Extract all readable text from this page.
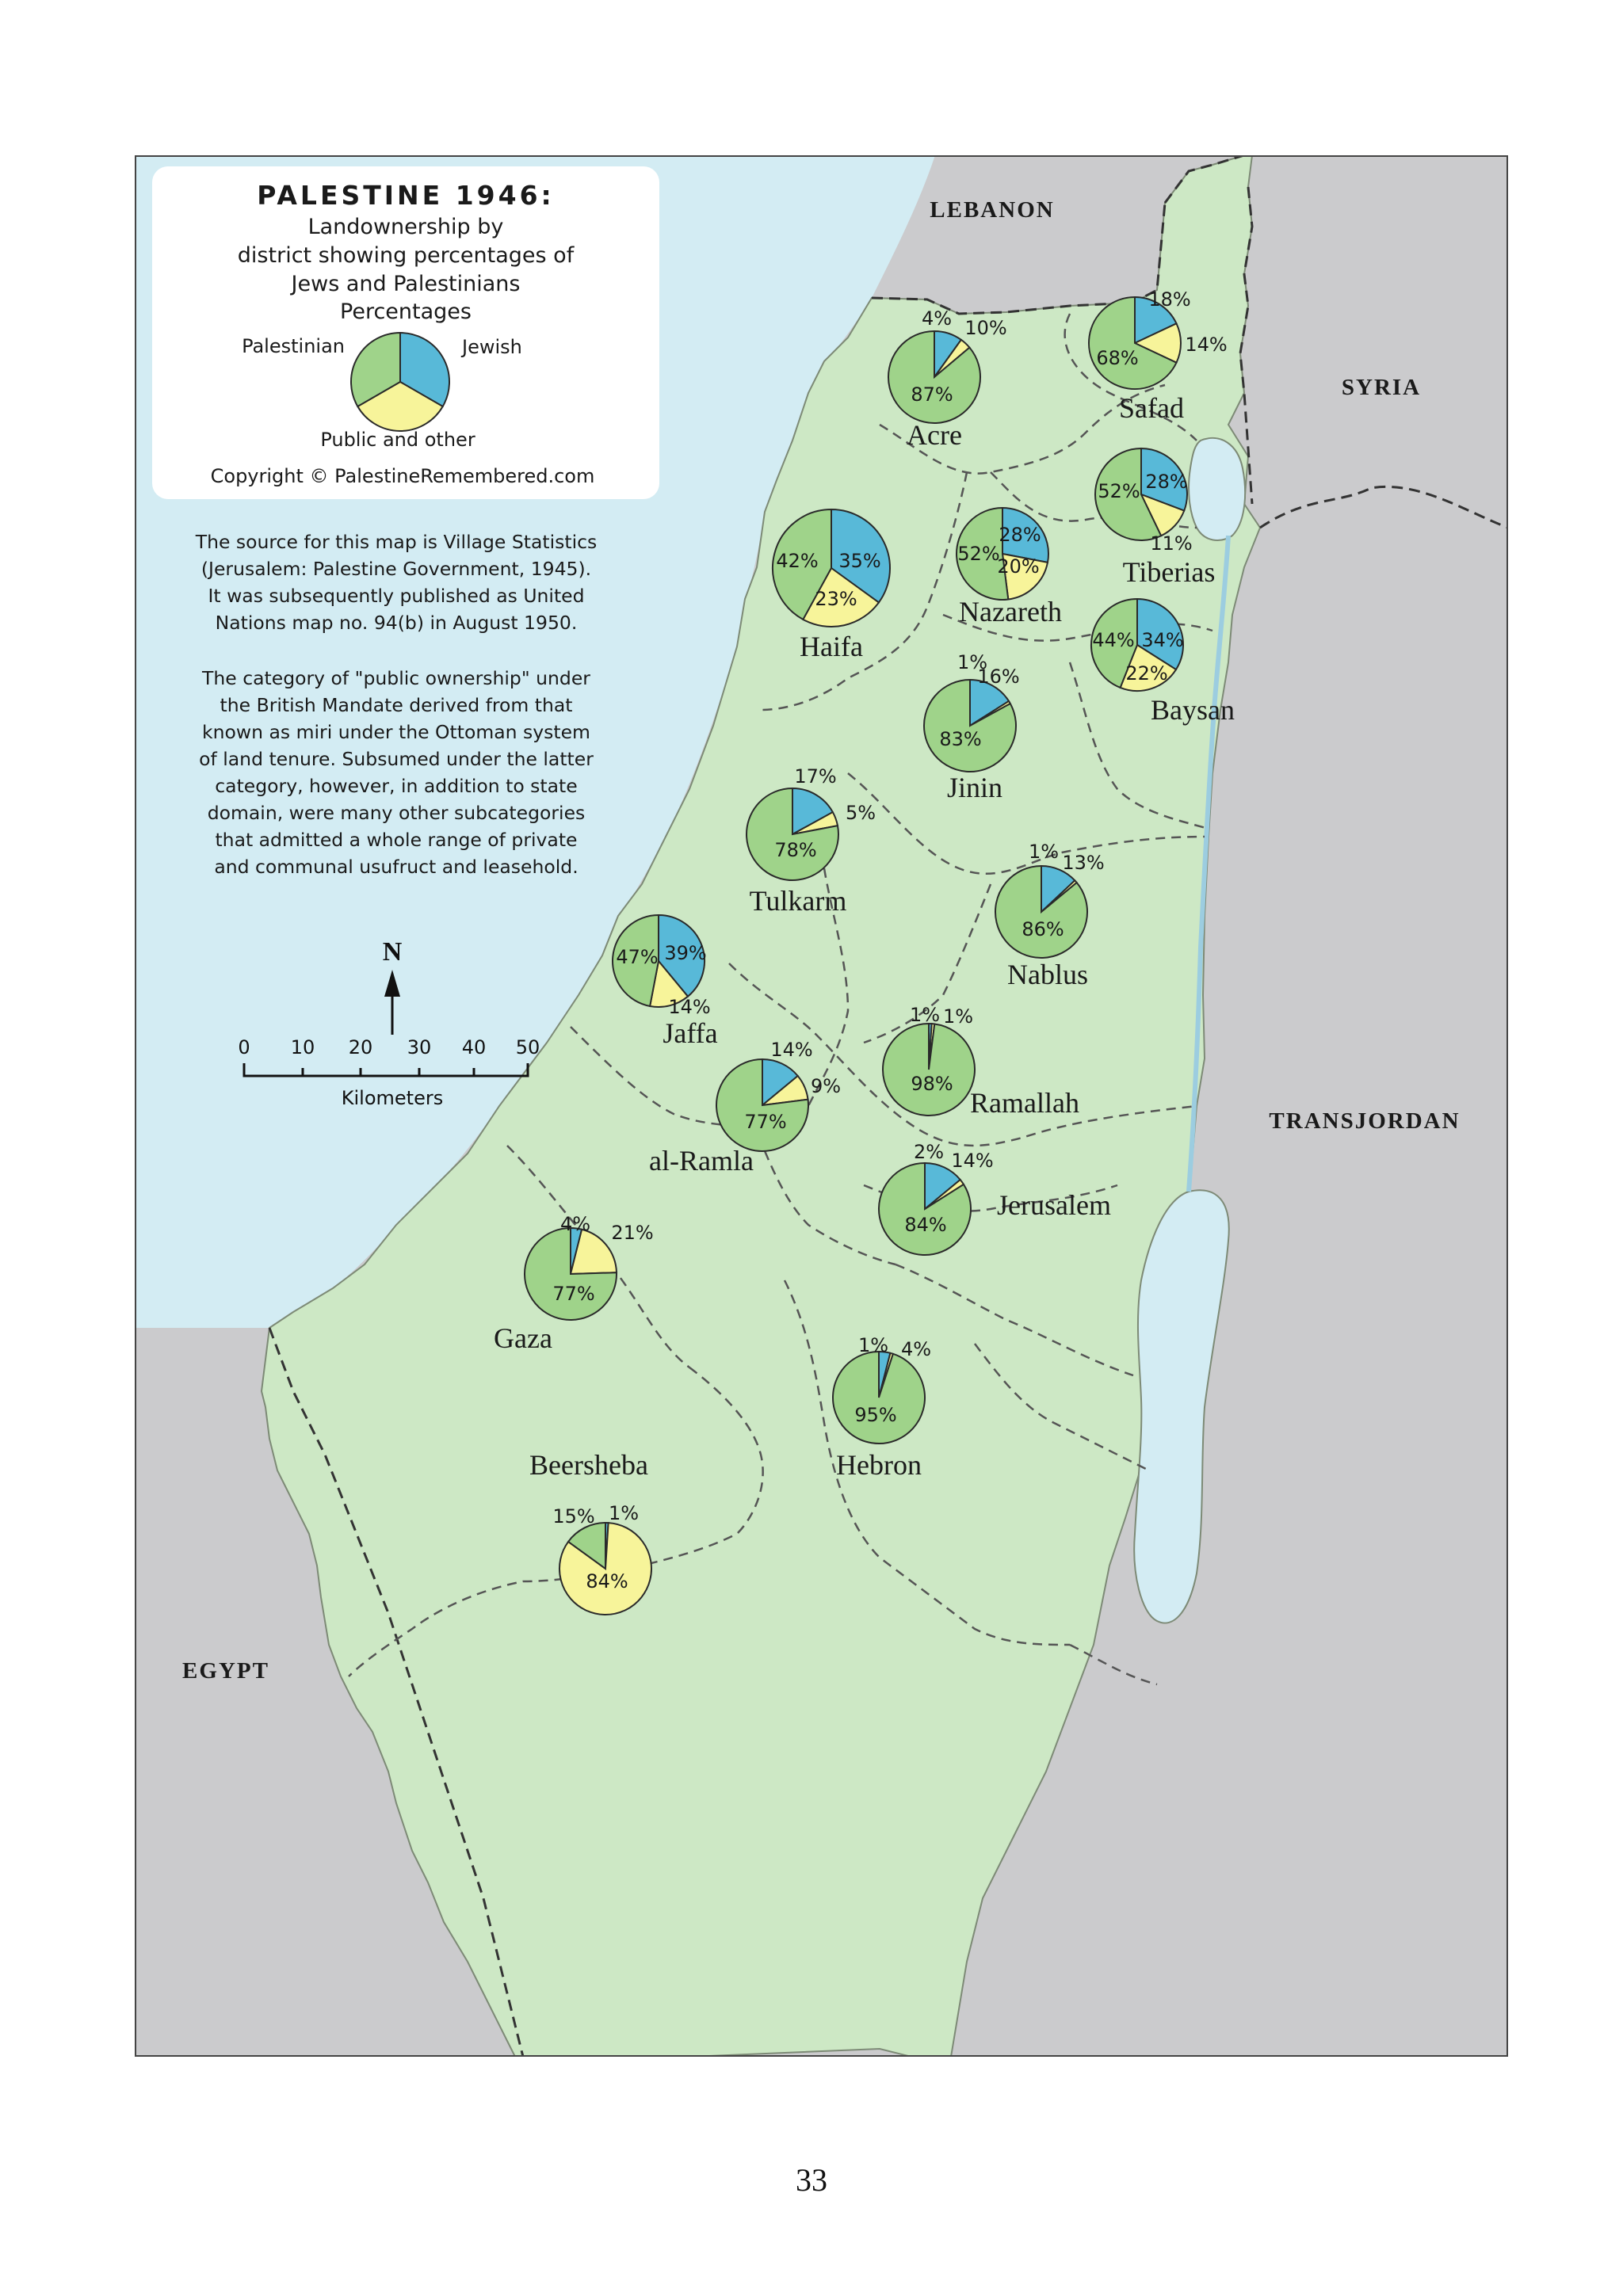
PALESTINE 1946:
Landownership by
district showing percentages of
Jews and Palestinians
Percentages
Palestinian	Jewish
Public and other
Copyright © PalestineRemembered.com
The source for this map is Village Statistics
(Jerusalem: Palestine Government, 1945).
It was subsequently published as United
Nations map no. 94(b) in August 1950.
The category of "public ownership" under
the British Mandate derived from that
known as miri under the Ottoman system
of land tenure. Subsumed under the latter
category, however, in addition to state
domain, were many other subcategories
that admitted a whole range of private
and communal usufruct and leasehold.
N
0 10 20 30 40 50
Kilometers
LEBANON
SYRIA
TRANSJORDAN
EGYPT
Acre
Safad
Haifa
Nazareth
Tiberias
Baysan
Jinin
Tulkarm
Nablus
Jaffa
Ramallah
al-Ramla
Jerusalem
Gaza
Hebron
Beersheba
10%
4%
87%
18%
14%
68%
35%
23%
42%
28%
20%
52%
28%
11%
52%
34%
22%
44%
16%
1%
83%
17%
5%
78%
13%
1%
86%
39%
14%
47%
1%
1%
98%
14%
9%
77%
14%
2%
84%
4% 21%
77%
4%
1%
95%
1%
84%
15%
33
